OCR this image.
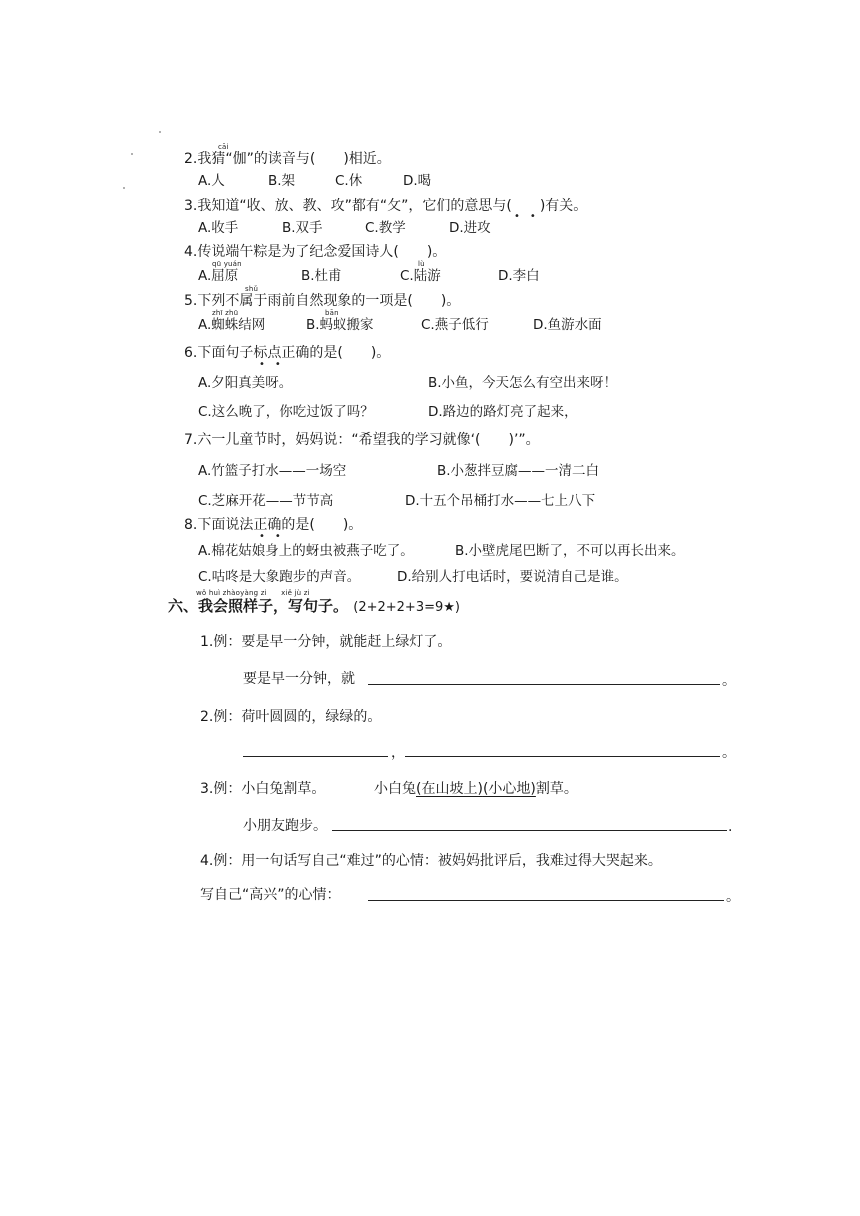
cāi
2.我猜“伽”的读音与(　　)相近。
A.人	B.架	C.休	D.喝
3.我知道“收、放、教、攻”都有“攵”，它们的意思与(　　)有关。
••
A.收手	B.双手	C.教学	D.进攻
4.传说端午粽是为了纪念爱国诗人(　　)。
qū yuán	lù
A.屈原	B.杜甫	C.陆游	D.李白
shǔ
5.下列不属于雨前自然现象的一项是(　　)。
zhī zhū	bān
A.蜘蛛结网	B.蚂蚁搬家	C.燕子低行	D.鱼游水面
6.下面句子标点正确的是(　　)。
••
A.夕阳真美呀。	B.小鱼，今天怎么有空出来呀！
C.这么晚了，你吃过饭了吗？	D.路边的路灯亮了起来，
7.六一儿童节时，妈妈说：“希望我的学习就像‘(　　)’”。
A.竹篮子打水——一场空	B.小葱拌豆腐——一清二白
C.芝麻开花——节节高	D.十五个吊桶打水——七上八下
8.下面说法正确的是(　　)。
••
A.棉花姑娘身上的蚜虫被燕子吃了。	B.小壁虎尾巴断了，不可以再长出来。
C.咕咚是大象跑步的声音。	D.给别人打电话时，要说清自己是谁。
wǒ huì zhàoyàng zi　　xiě jù zi
六、我会照样子，写句子。 (2+2+2+3=9★)
1.例：要是早一分钟，就能赶上绿灯了。
要是早一分钟，就	。
2.例：荷叶圆圆的，绿绿的。
，	。
3.例：小白兔割草。	小白兔(在山坡上)(小心地)割草。
小朋友跑步。	.
4.例：用一句话写自己“难过”的心情：被妈妈批评后，我难过得大哭起来。
写自己“高兴”的心情：	。
